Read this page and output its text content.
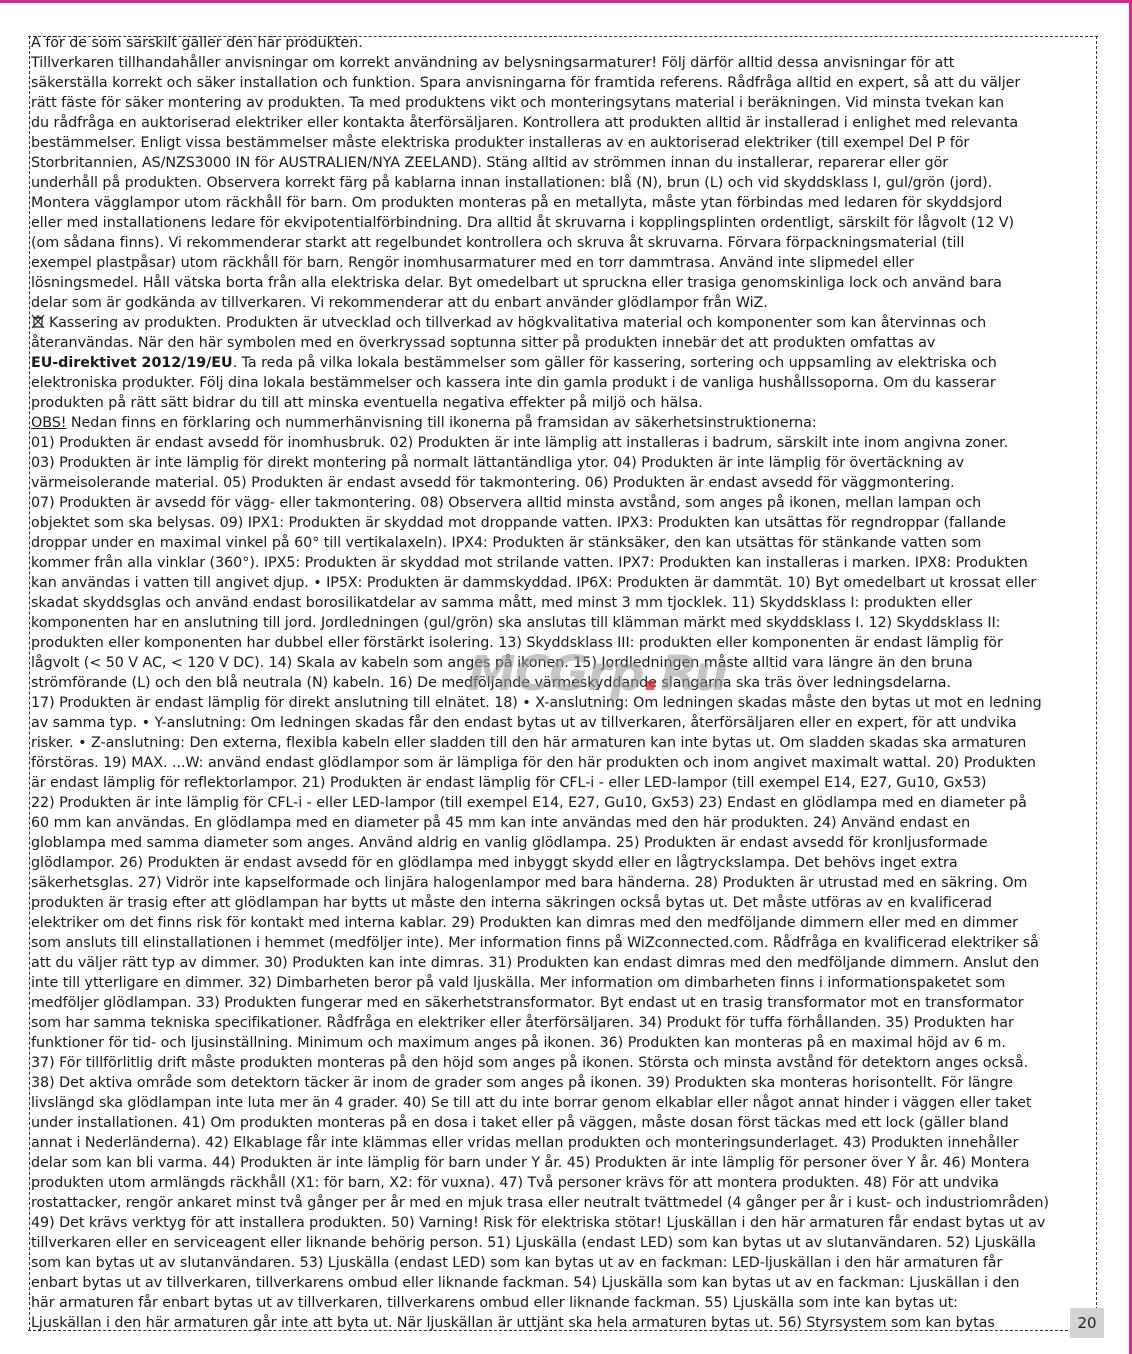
A för de som särskilt gäller den här produkten.
Tillverkaren tillhandahåller anvisningar om korrekt användning av belysningsarmaturer! Följ därför alltid dessa anvisningar för att
säkerställa korrekt och säker installation och funktion. Spara anvisningarna för framtida referens. Rådfråga alltid en expert, så att du väljer
rätt fäste för säker montering av produkten. Ta med produktens vikt och monteringsytans material i beräkningen. Vid minsta tvekan kan
du rådfråga en auktoriserad elektriker eller kontakta återförsäljaren. Kontrollera att produkten alltid är installerad i enlighet med relevanta
bestämmelser. Enligt vissa bestämmelser måste elektriska produkter installeras av en auktoriserad elektriker (till exempel Del P för
Storbritannien, AS/NZS3000 IN för AUSTRALIEN/NYA ZEELAND). Stäng alltid av strömmen innan du installerar, reparerar eller gör
underhåll på produkten. Observera korrekt färg på kablarna innan installationen: blå (N), brun (L) och vid skyddsklass I, gul/grön (jord).
Montera vägglampor utom räckhåll för barn. Om produkten monteras på en metallyta, måste ytan förbindas med ledaren för skyddsjord
eller med installationens ledare för ekvipotentialförbindning. Dra alltid åt skruvarna i kopplingsplinten ordentligt, särskilt för lågvolt (12 V)
(om sådana finns). Vi rekommenderar starkt att regelbundet kontrollera och skruva åt skruvarna. Förvara förpackningsmaterial (till
exempel plastpåsar) utom räckhåll för barn. Rengör inomhusarmaturer med en torr dammtrasa. Använd inte slipmedel eller
lösningsmedel. Håll vätska borta från alla elektriska delar. Byt omedelbart ut spruckna eller trasiga genomskinliga lock och använd bara
delar som är godkända av tillverkaren. Vi rekommenderar att du enbart använder glödlampor från WiZ.
Kassering av produkten. Produkten är utvecklad och tillverkad av högkvalitativa material och komponenter som kan återvinnas och
återanvändas. När den här symbolen med en överkryssad soptunna sitter på produkten innebär det att produkten omfattas av
EU-direktivet 2012/19/EU. Ta reda på vilka lokala bestämmelser som gäller för kassering, sortering och uppsamling av elektriska och
elektroniska produkter. Följ dina lokala bestämmelser och kassera inte din gamla produkt i de vanliga hushållssoporna. Om du kasserar
produkten på rätt sätt bidrar du till att minska eventuella negativa effekter på miljö och hälsa.
OBS! Nedan finns en förklaring och nummerhänvisning till ikonerna på framsidan av säkerhetsinstruktionerna:
01) Produkten är endast avsedd för inomhusbruk. 02) Produkten är inte lämplig att installeras i badrum, särskilt inte inom angivna zoner.
03) Produkten är inte lämplig för direkt montering på normalt lättantändliga ytor. 04) Produkten är inte lämplig för övertäckning av
värmeisolerande material. 05) Produkten är endast avsedd för takmontering. 06) Produkten är endast avsedd för väggmontering.
07) Produkten är avsedd för vägg- eller takmontering. 08) Observera alltid minsta avstånd, som anges på ikonen, mellan lampan och
objektet som ska belysas. 09) IPX1: Produkten är skyddad mot droppande vatten. IPX3: Produkten kan utsättas för regndroppar (fallande
droppar under en maximal vinkel på 60° till vertikalaxeln). IPX4: Produkten är stänksäker, den kan utsättas för stänkande vatten som
kommer från alla vinklar (360°). IPX5: Produkten är skyddad mot strilande vatten. IPX7: Produkten kan installeras i marken. IPX8: Produkten
kan användas i vatten till angivet djup. • IP5X: Produkten är dammskyddad. IP6X: Produkten är dammtät. 10) Byt omedelbart ut krossat eller
skadat skyddsglas och använd endast borosilikatdelar av samma mått, med minst 3 mm tjocklek. 11) Skyddsklass I: produkten eller
komponenten har en anslutning till jord. Jordledningen (gul/grön) ska anslutas till klämman märkt med skyddsklass I. 12) Skyddsklass II:
produkten eller komponenten har dubbel eller förstärkt isolering. 13) Skyddsklass III: produkten eller komponenten är endast lämplig för
lågvolt (< 50 V AC, < 120 V DC). 14) Skala av kabeln som anges på ikonen. 15) Jordledningen måste alltid vara längre än den bruna
strömförande (L) och den blå neutrala (N) kabeln. 16) De medföljande värmeskyddande slangarna ska träs över ledningsdelarna.
17) Produkten är endast lämplig för direkt anslutning till elnätet. 18) • X-anslutning: Om ledningen skadas måste den bytas ut mot en ledning
av samma typ. • Y-anslutning: Om ledningen skadas får den endast bytas ut av tillverkaren, återförsäljaren eller en expert, för att undvika
risker. • Z-anslutning: Den externa, flexibla kabeln eller sladden till den här armaturen kan inte bytas ut. Om sladden skadas ska armaturen
förstöras. 19) MAX. ...W: använd endast glödlampor som är lämpliga för den här produkten och inom angivet maximalt wattal. 20) Produkten
är endast lämplig för reflektorlampor. 21) Produkten är endast lämplig för CFL-i - eller LED-lampor (till exempel E14, E27, Gu10, Gx53)
22) Produkten är inte lämplig för CFL-i - eller LED-lampor (till exempel E14, E27, Gu10, Gx53) 23) Endast en glödlampa med en diameter på
60 mm kan användas. En glödlampa med en diameter på 45 mm kan inte användas med den här produkten. 24) Använd endast en
globlampa med samma diameter som anges. Använd aldrig en vanlig glödlampa. 25) Produkten är endast avsedd för kronljusformade
glödlampor. 26) Produkten är endast avsedd för en glödlampa med inbyggt skydd eller en lågtryckslampa. Det behövs inget extra
säkerhetsglas. 27) Vidrör inte kapselformade och linjära halogenlampor med bara händerna. 28) Produkten är utrustad med en säkring. Om
produkten är trasig efter att glödlampan har bytts ut måste den interna säkringen också bytas ut. Det måste utföras av en kvalificerad
elektriker om det finns risk för kontakt med interna kablar. 29) Produkten kan dimras med den medföljande dimmern eller med en dimmer
som ansluts till elinstallationen i hemmet (medföljer inte). Mer information finns på WiZconnected.com. Rådfråga en kvalificerad elektriker så
att du väljer rätt typ av dimmer. 30) Produkten kan inte dimras. 31) Produkten kan endast dimras med den medföljande dimmern. Anslut den
inte till ytterligare en dimmer. 32) Dimbarheten beror på vald ljuskälla. Mer information om dimbarheten finns i informationspaketet som
medföljer glödlampan. 33) Produkten fungerar med en säkerhetstransformator. Byt endast ut en trasig transformator mot en transformator
som har samma tekniska specifikationer. Rådfråga en elektriker eller återförsäljaren. 34) Produkt för tuffa förhållanden. 35) Produkten har
funktioner för tid- och ljusinställning. Minimum och maximum anges på ikonen. 36) Produkten kan monteras på en maximal höjd av 6 m.
37) För tillförlitlig drift måste produkten monteras på den höjd som anges på ikonen. Största och minsta avstånd för detektorn anges också.
38) Det aktiva område som detektorn täcker är inom de grader som anges på ikonen. 39) Produkten ska monteras horisontellt. För längre
livslängd ska glödlampan inte luta mer än 4 grader. 40) Se till att du inte borrar genom elkablar eller något annat hinder i väggen eller taket
under installationen. 41) Om produkten monteras på en dosa i taket eller på väggen, måste dosan först täckas med ett lock (gäller bland
annat i Nederländerna). 42) Elkablage får inte klämmas eller vridas mellan produkten och monteringsunderlaget. 43) Produkten innehåller
delar som kan bli varma. 44) Produkten är inte lämplig för barn under Y år. 45) Produkten är inte lämplig för personer över Y år. 46) Montera
produkten utom armlängds räckhåll (X1: för barn, X2: för vuxna). 47) Två personer krävs för att montera produkten. 48) För att undvika
rostattacker, rengör ankaret minst två gånger per år med en mjuk trasa eller neutralt tvättmedel (4 gånger per år i kust- och industriområden)
49) Det krävs verktyg för att installera produkten. 50) Varning! Risk för elektriska stötar! Ljuskällan i den här armaturen får endast bytas ut av
tillverkaren eller en serviceagent eller liknande behörig person. 51) Ljuskälla (endast LED) som kan bytas ut av slutanvändaren. 52) Ljuskälla
som kan bytas ut av slutanvändaren. 53) Ljuskälla (endast LED) som kan bytas ut av en fackman: LED-ljuskällan i den här armaturen får
enbart bytas ut av tillverkaren, tillverkarens ombud eller liknande fackman. 54) Ljuskälla som kan bytas ut av en fackman: Ljuskällan i den
här armaturen får enbart bytas ut av tillverkaren, tillverkarens ombud eller liknande fackman. 55) Ljuskälla som inte kan bytas ut:
Ljuskällan i den här armaturen går inte att byta ut. När ljuskällan är uttjänt ska hela armaturen bytas ut. 56) Styrsystem som kan bytas
MCGrp.Ru
20
